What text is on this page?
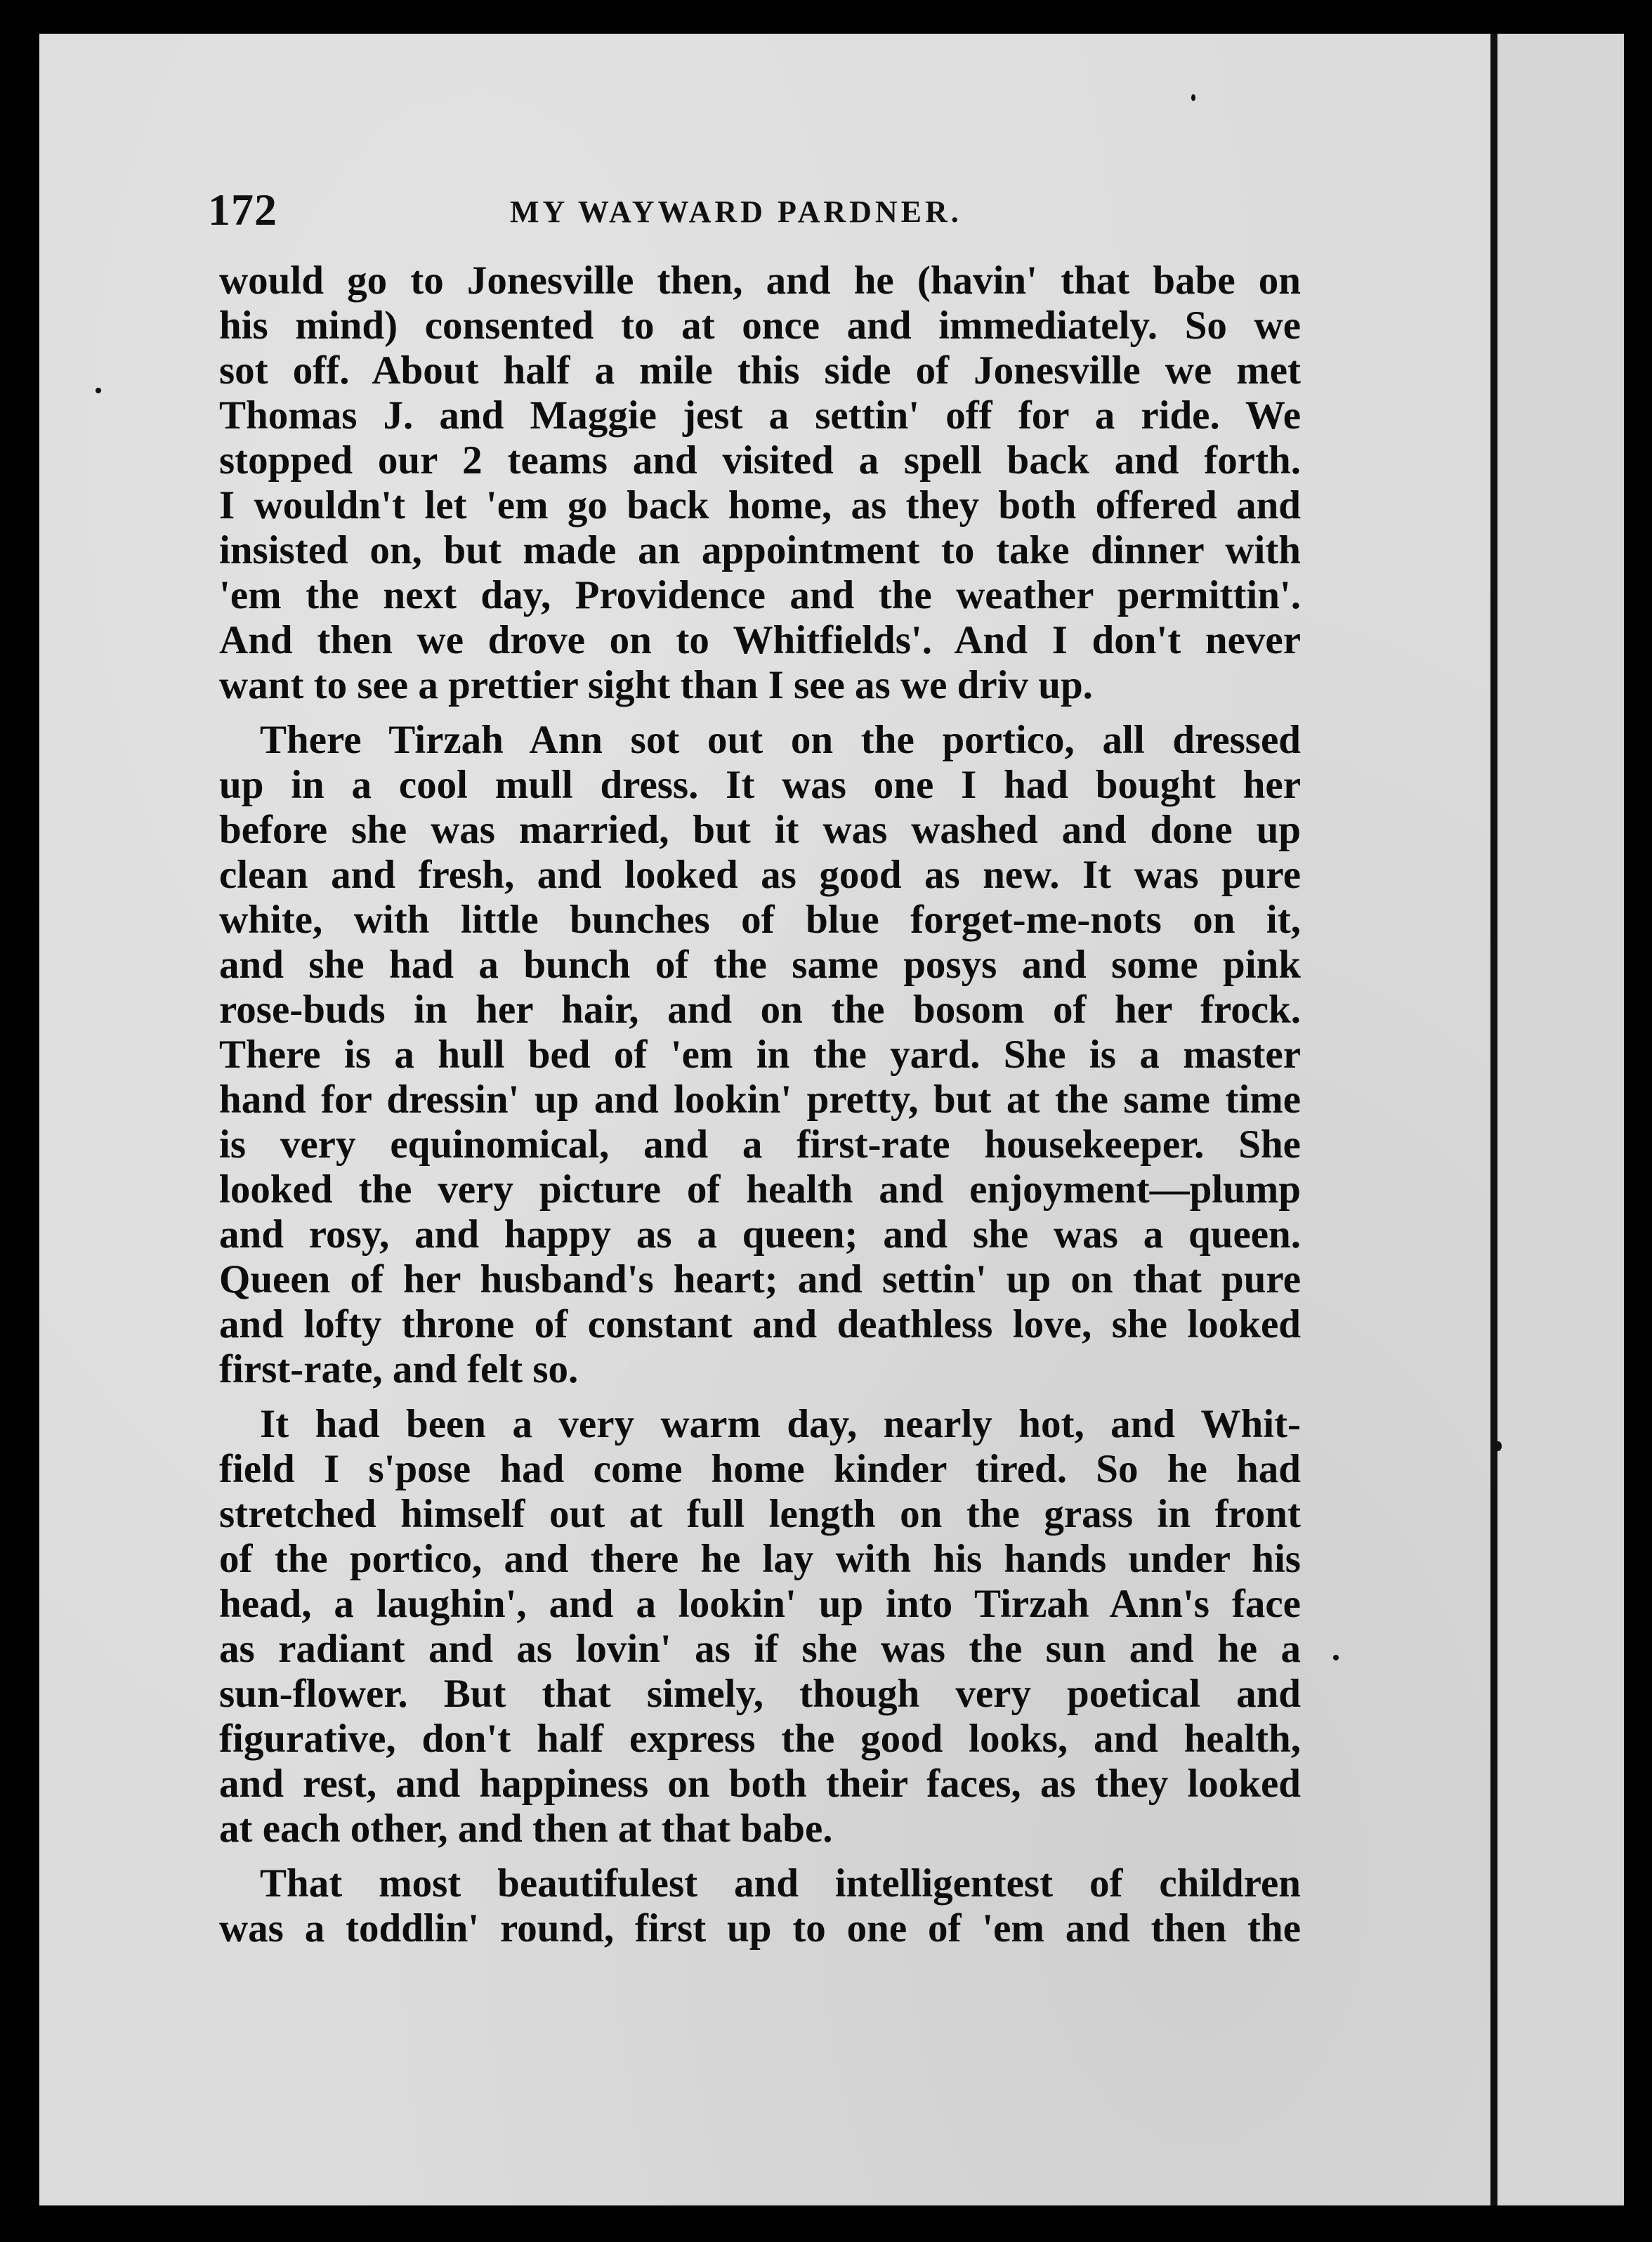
172	MY WAYWARD PARDNER.

would go to Jonesville then, and he (havin' that babe on
his mind) consented to at once and immediately. So we
sot off. About half a mile this side of Jonesville we met
Thomas J. and Maggie jest a settin' off for a ride. We
stopped our 2 teams and visited a spell back and forth.
I wouldn't let 'em go back home, as they both offered and
insisted on, but made an appointment to take dinner with
'em the next day, Providence and the weather permittin'.
And then we drove on to Whitfields'. And I don't never
want to see a prettier sight than I see as we driv up.

There Tirzah Ann sot out on the portico, all dressed
up in a cool mull dress. It was one I had bought her
before she was married, but it was washed and done up
clean and fresh, and looked as good as new. It was pure
white, with little bunches of blue forget-me-nots on it,
and she had a bunch of the same posys and some pink
rose-buds in her hair, and on the bosom of her frock.
There is a hull bed of 'em in the yard. She is a master
hand for dressin' up and lookin' pretty, but at the same time
is very equinomical, and a first-rate housekeeper. She
looked the very picture of health and enjoyment—plump
and rosy, and happy as a queen; and she was a queen.
Queen of her husband's heart; and settin' up on that pure
and lofty throne of constant and deathless love, she looked
first-rate, and felt so.

It had been a very warm day, nearly hot, and Whit-
field I s'pose had come home kinder tired. So he had
stretched himself out at full length on the grass in front
of the portico, and there he lay with his hands under his
head, a laughin', and a lookin' up into Tirzah Ann's face
as radiant and as lovin' as if she was the sun and he a
sun-flower. But that simely, though very poetical and
figurative, don't half express the good looks, and health,
and rest, and happiness on both their faces, as they looked
at each other, and then at that babe.

That most beautifulest and intelligentest of children
was a toddlin' round, first up to one of 'em and then the
